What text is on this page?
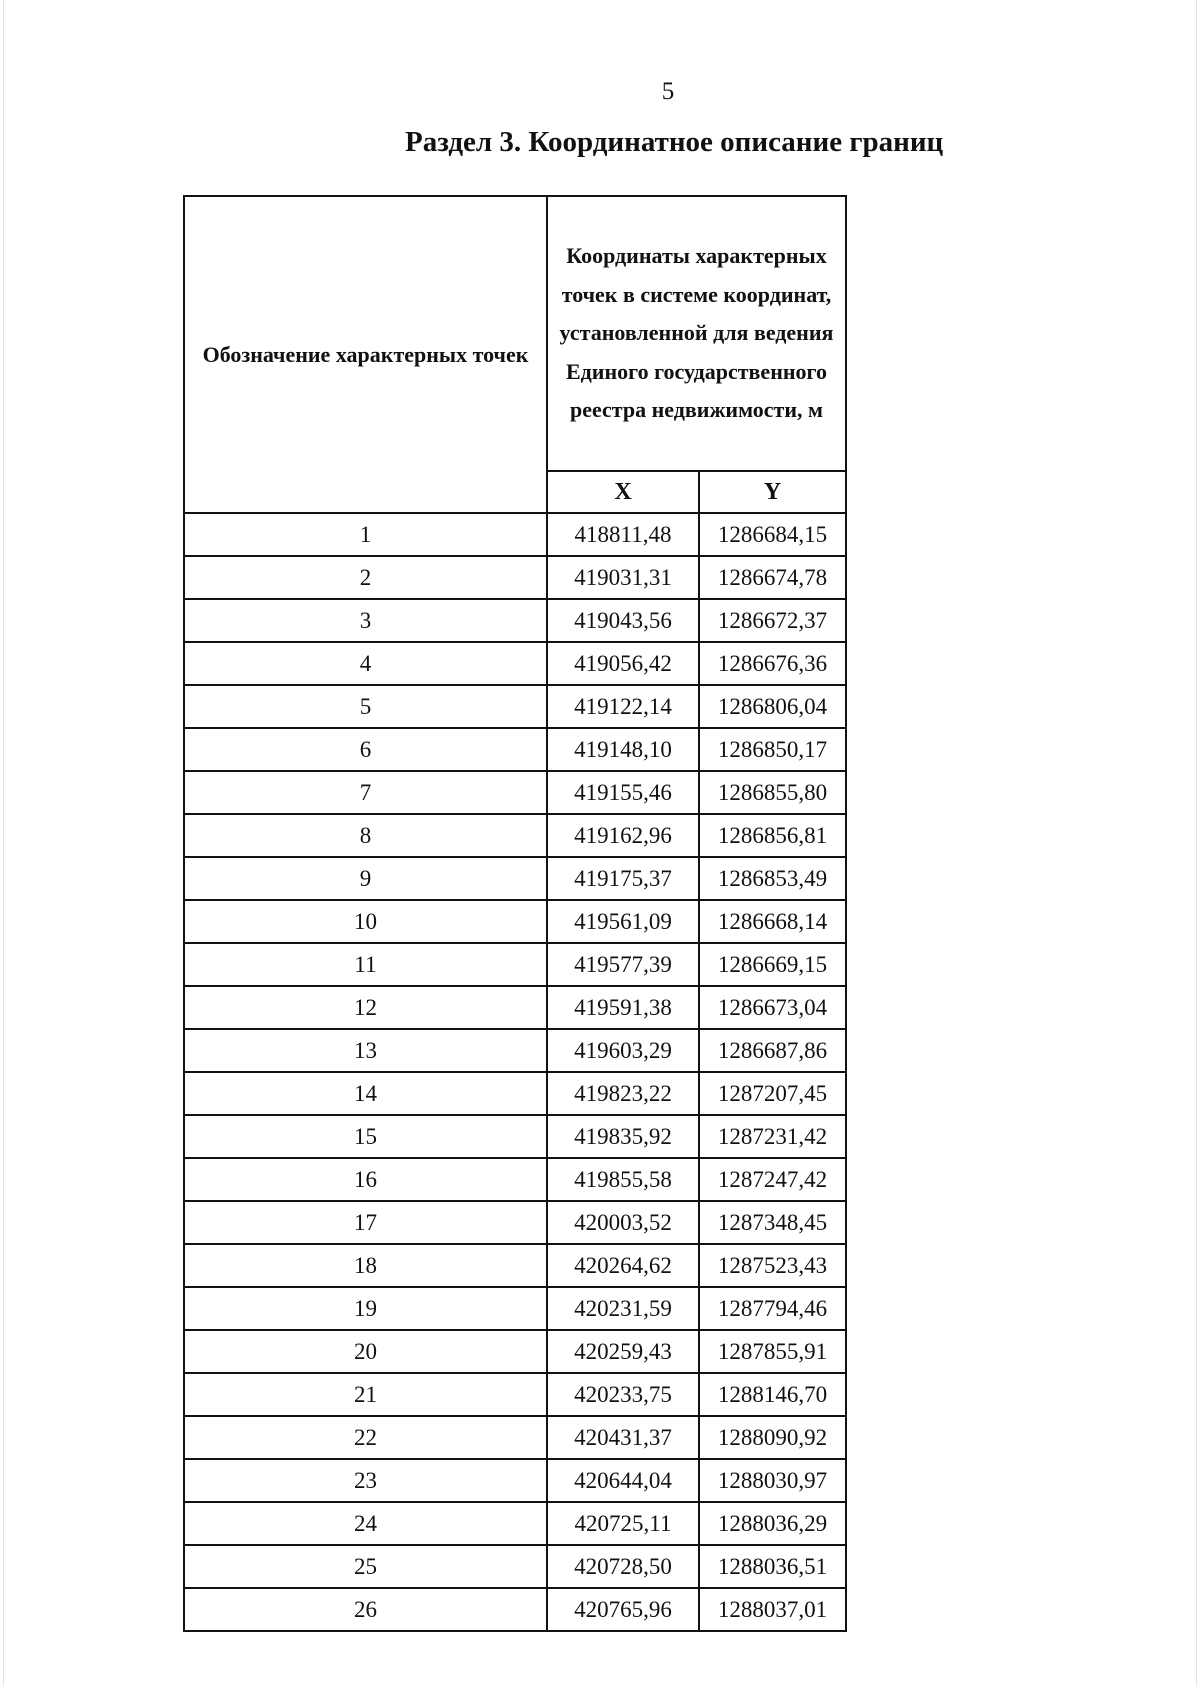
5
Раздел 3. Координатное описание границ
Обозначение характерных точек	Координаты характерных точек в системе координат, установленной для ведения Единого государственного реестра недвижимости, м	
	X	Y
1	418811,48	1286684,15
2	419031,31	1286674,78
3	419043,56	1286672,37
4	419056,42	1286676,36
5	419122,14	1286806,04
6	419148,10	1286850,17
7	419155,46	1286855,80
8	419162,96	1286856,81
9	419175,37	1286853,49
10	419561,09	1286668,14
11	419577,39	1286669,15
12	419591,38	1286673,04
13	419603,29	1286687,86
14	419823,22	1287207,45
15	419835,92	1287231,42
16	419855,58	1287247,42
17	420003,52	1287348,45
18	420264,62	1287523,43
19	420231,59	1287794,46
20	420259,43	1287855,91
21	420233,75	1288146,70
22	420431,37	1288090,92
23	420644,04	1288030,97
24	420725,11	1288036,29
25	420728,50	1288036,51
26	420765,96	1288037,01
